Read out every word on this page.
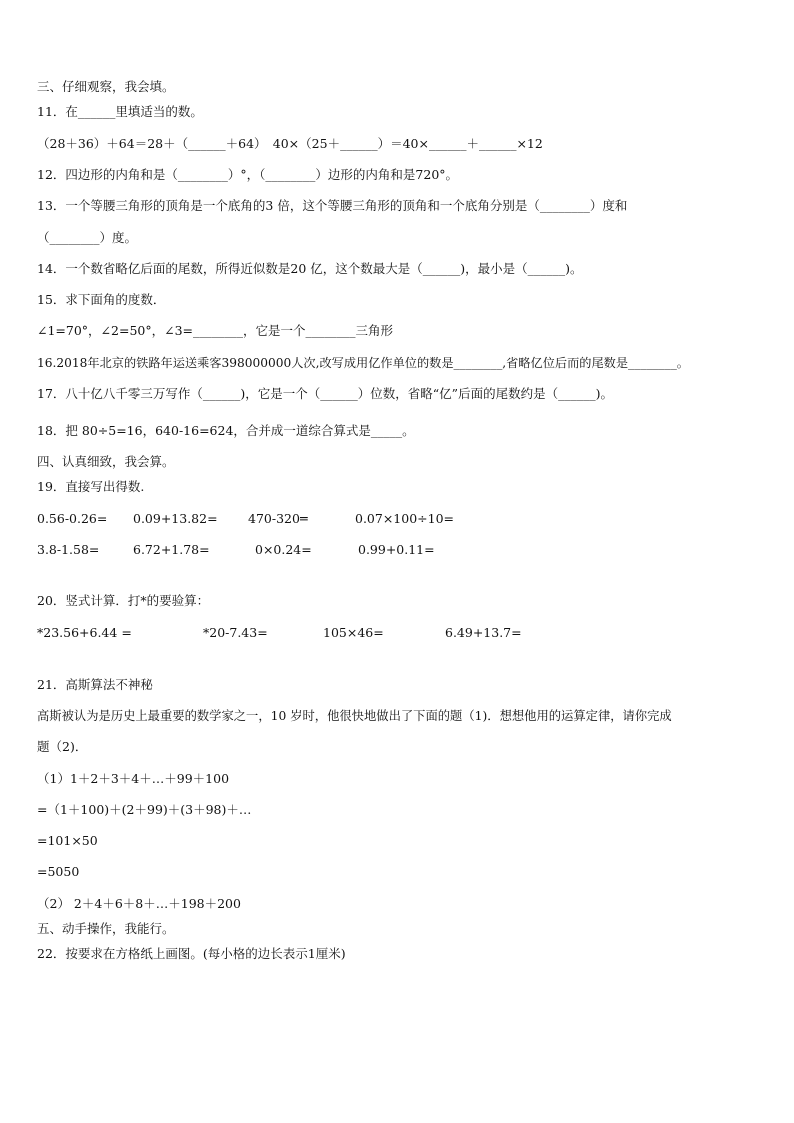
三、仔细观察，我会填。
11．在______里填适当的数。
（28＋36）＋64＝28＋（______＋64）　40×（25＋______）＝40×______＋______×12
12．四边形的内角和是（________）°，（________）边形的内角和是720°。
13．一个等腰三角形的顶角是一个底角的3 倍，这个等腰三角形的顶角和一个底角分别是（________）度和
（________）度。
14．一个数省略亿后面的尾数，所得近似数是20 亿，这个数最大是（______)，最小是（______)。
15．求下面角的度数．
∠1=70°，∠2=50°，∠3=________，它是一个________三角形
16.2018年北京的铁路年运送乘客398000000人次,改写成用亿作单位的数是________,省略亿位后而的尾数是________。
17．八十亿八千零三万写作（______)，它是一个（______）位数，省略“亿”后面的尾数约是（______)。
18．把 80÷5=16，640-16=624，合并成一道综合算式是_____。
四、认真细致，我会算。
19．直接写出得数.
0.56-0.26= 0.09+13.82= 470-320═	0.07×100÷10=
3.8-1.58=	6.72+1.78=	0×0.24=	0.99+0.11=
20．竖式计算．打*的要验算：
*23.56+6.44 =	*20-7.43=	105×46=	6.49+13.7=
21．高斯算法不神秘
高斯被认为是历史上最重要的数学家之一，10 岁时，他很快地做出了下面的题（1)．想想他用的运算定律，请你完成
题（2)．
（1）1＋2＋3＋4＋…＋99＋100
=（1＋100)＋(2＋99)＋(3＋98)＋…
=101×50
=5050
（2） 2＋4＋6＋8＋…＋198＋200
五、动手操作，我能行。
22．按要求在方格纸上画图。(每小格的边长表示1厘米)
